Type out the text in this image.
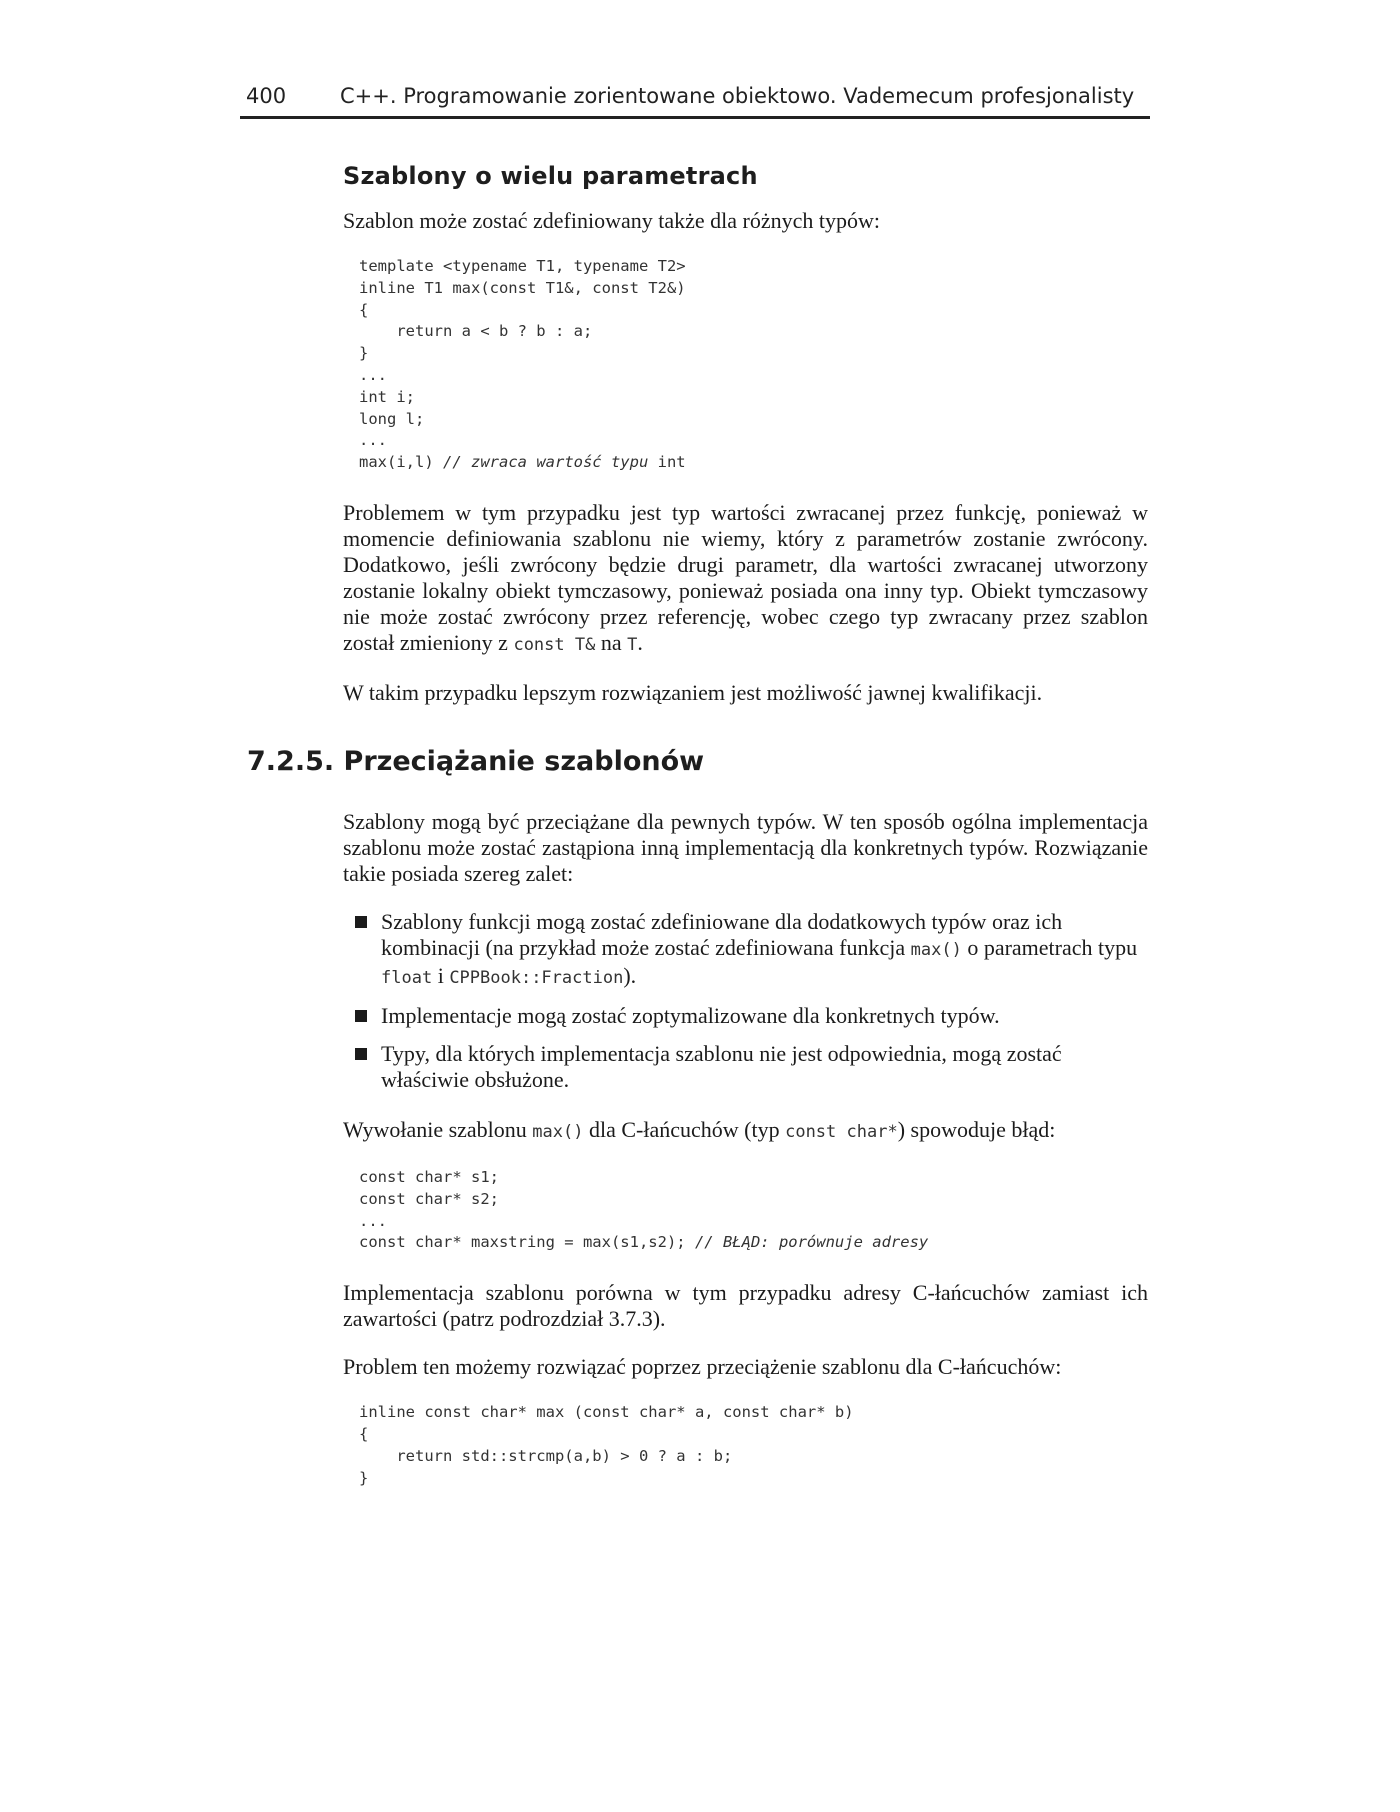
400	C++. Programowanie zorientowane obiektowo. Vademecum profesjonalisty
Szablony o wielu parametrach

Szablon może zostać zdefiniowany także dla różnych typów:

template <typename T1, typename T2>
inline T1 max(const T1&, const T2&)
{
return a < b ? b : a;
}
...
int i;
long l;
...
max(i,l) // zwraca wartość typu int

Problemem w tym przypadku jest typ wartości zwracanej przez funkcję, ponieważ w momencie definiowania szablonu nie wiemy, który z parametrów zostanie zwrócony. Dodatkowo, jeśli zwrócony będzie drugi parametr, dla wartości zwracanej utworzony zostanie lokalny obiekt tymczasowy, ponieważ posiada ona inny typ. Obiekt tymczasowy nie może zostać zwrócony przez referencję, wobec czego typ zwracany przez szablon został zmieniony z const T& na T.

W takim przypadku lepszym rozwiązaniem jest możliwość jawnej kwalifikacji.

7.2.5. Przeciążanie szablonów

Szablony mogą być przeciążane dla pewnych typów. W ten sposób ogólna implementacja szablonu może zostać zastąpiona inną implementacją dla konkretnych typów. Rozwiązanie takie posiada szereg zalet:

Szablony funkcji mogą zostać zdefiniowane dla dodatkowych typów oraz ich kombinacji (na przykład może zostać zdefiniowana funkcja max() o parametrach typu float i CPPBook::Fraction).
Implementacje mogą zostać zoptymalizowane dla konkretnych typów.
Typy, dla których implementacja szablonu nie jest odpowiednia, mogą zostać właściwie obsłużone.

Wywołanie szablonu max() dla C-łańcuchów (typ const char*) spowoduje błąd:

const char* s1;
const char* s2;
...
const char* maxstring = max(s1,s2); // BŁĄD: porównuje adresy

Implementacja szablonu porówna w tym przypadku adresy C-łańcuchów zamiast ich zawartości (patrz podrozdział 3.7.3).

Problem ten możemy rozwiązać poprzez przeciążenie szablonu dla C-łańcuchów:

inline const char* max (const char* a, const char* b)
{
return std::strcmp(a,b) > 0 ? a : b;
}
